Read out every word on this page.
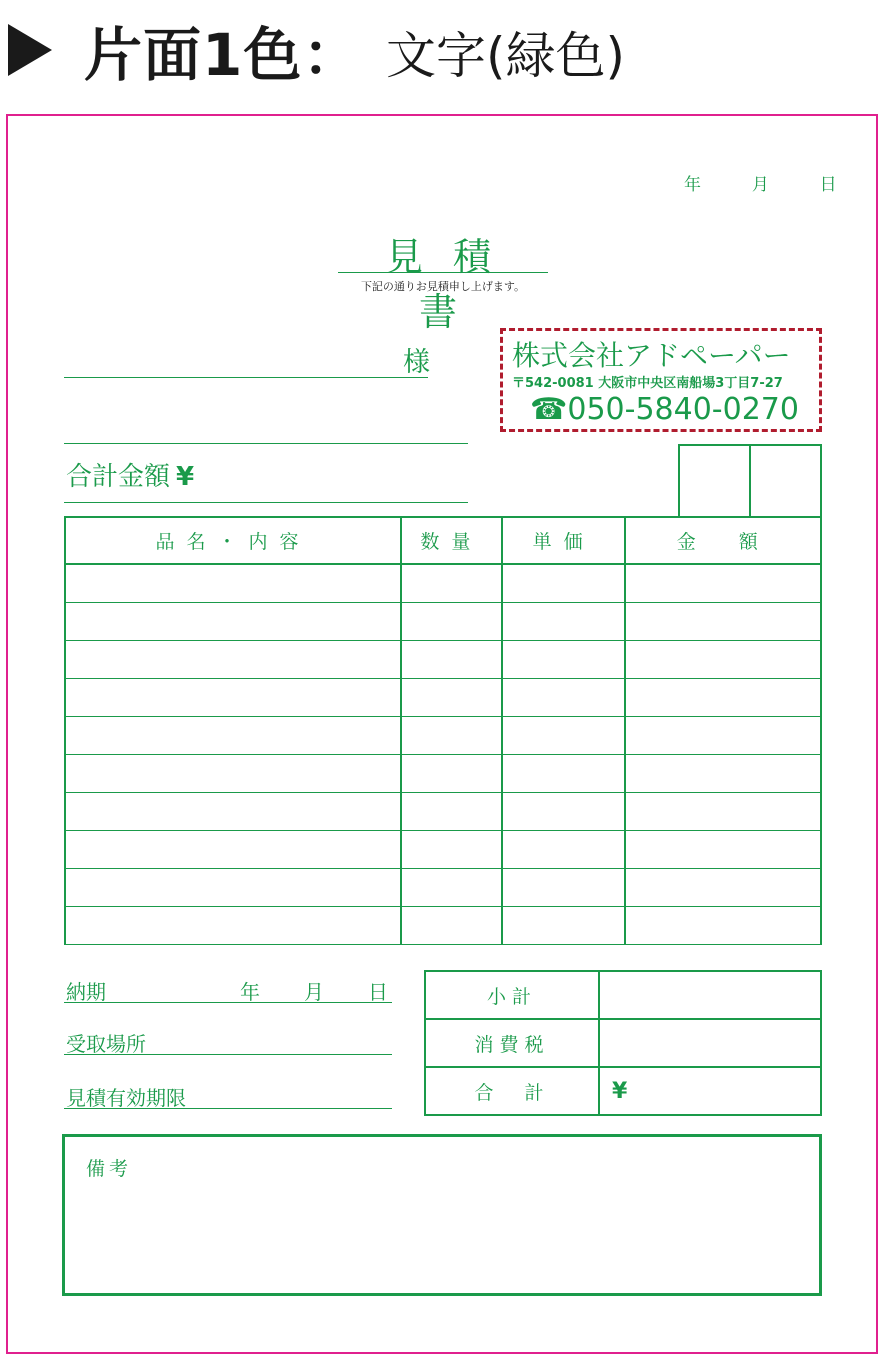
片面1色： 文字(緑色)
年	月	日
見積書
下記の通りお見積申し上げます。
様	株式会社アドペーパー
〒542-0081 大阪市中央区南船場3丁目7-27
☎050-5840-0270
合計金額 ¥
品名・内容	数量	単価	金　額

納期	年 月 日
受取場所
見積有効期限
小計	
消費税	
合　計	¥
備考
